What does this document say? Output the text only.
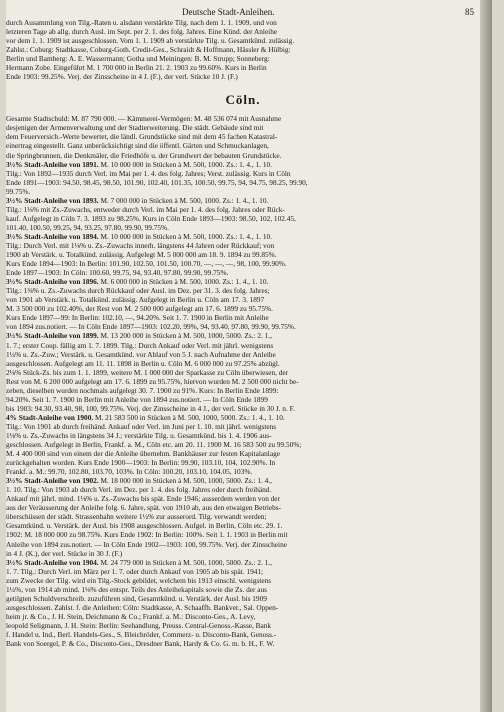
Deutsche Stadt-Anleihen.	85

durch Ausammlung von Tilg.-Raten u. alsdann verstärkte Tilg. nach dem 1. 1. 1909, und von
letzteren Tage ab allg. durch Ausl. im Sept. per 2. 1. des folg. Jahres. Eine Künd. der Anleihe
vor dem 1. 1. 1909 ist ausgeschlossen. Vom 1. 1. 1909 ab verstärkte Tilg. u. Gesamtkünd. zulässig.
Zahlst.: Coburg: Stadtkasse, Coburg-Goth. Credit-Ges., Schraidt & Hoffmann, Hässler & Hülbig:
Berlin und Bamberg: A. E. Wassermann; Gotha und Meiningen: B. M. Strupp; Sonneberg:
Hermann Zobe. Eingeführt M. 1 700 000 in Berlin 21. 2. 1903 zu 99.60%. Kurs in Berlin
Ende 1903: 99.25%. Verj. der Zinsscheine in 4 J. (F.), der verl. Stücke 10 J. (F.)

Cöln.

Gesamte Stadtschuld: M. 87 790 000. — Kämmerei-Vermögen: M. 48 536 074 mit Ausnahme
desjenigen der Armenverwaltung und der Stadterweiterung. Die städt. Gebäude sind mit
dem Feuerversich.-Werte bewertet, die ländl. Grundstücke sind mit dem 45 fachen Katastral-
einertrag eingestellt. Ganz unberücksichtigt sind die öffentl. Gärten und Schmuckanlagen,
die Springbrunnen, die Denkmäler, die Friedhöfe u. der Grundwert der bebauten Grundstücke.

3½% Stadt-Anleihe von 1891. M. 10 000 000 in Stücken à M. 500, 1000. Zs.: 1. 4., 1. 10.
Tilg.: Von 1892—1935 durch Verl. im Mai per 1. 4. des folg. Jahres; Verst. zulässig. Kurs in Cöln
Ende 1891—1903: 94.50, 98.45, 98.50, 101.90, 102.40, 101.35, 100.50, 99.75, 94, 94.75, 98.25, 99.90,
99.75%.

3½% Stadt-Anleihe von 1893. M. 7 000 000 in Stücken à M. 500, 1000. Zs.: 1. 4., 1. 10.
Tilg.: 1⅛% mit Zs.-Zuwachs, entweder durch Verl. im Mai per 1. 4. des folg. Jahres oder Rück-
kauf. Aufgelegt in Cöln 7. 3. 1893 zu 98.25%. Kurs in Cöln Ende 1893—1903: 98.50, 102, 102.45,
101.40, 100.50, 99.25, 94, 93.25, 97.80, 99.90, 99.75%.

3½% Stadt-Anleihe von 1894. M. 10 000 000 in Stücken à M. 500, 1000. Zs.: 1. 4., 1. 10.
Tilg.: Durch Verl. mit 1⅛% u. Zs.-Zuwachs innerh. längstens 44 Jahren oder Rückkauf; von
1900 ab Verstärk. u. Totalkünd. zulässig. Aufgelegt M. 5 000 000 am 18. 9. 1894 zu 99.85%.
Kurs Ende 1894—1903: In Berlin: 101.90, 102.50, 101.50, 100.70, —, —, —, 98, 100, 99.90%.
Ende 1897—1903: In Cöln: 100.60, 99.75, 94, 93.40, 97.80, 99.90, 99.75%.

3½% Stadt-Anleihe von 1896. M. 6 000 000 in Stücken à M. 500, 1000. Zs.: 1. 4., 1. 10.
Tilg.: 1⅜% u. Zs.-Zuwachs durch Rückkauf oder Ausl. im Dez. per 31. 3. des folg. Jahres;
von 1901 ab Verstärk. u. Totalkünd. zulässig. Aufgelegt in Berlin u. Cöln am 17. 3. 1897
M. 3 500 000 zu 102.40%, der Rest von M. 2 500 000 aufgelegt am 17. 6. 1899 zu 95.75%.
Kurs Ende 1897—99: In Berlin: 102.10, —, 94.20%. Seit 1. 7. 1900 in Berlin mit Anleihe
von 1894 zus.notiert. — In Cöln Ende 1897—1903: 102.20, 99%, 94, 93.40, 97.80, 99.90, 99.75%.

3½% Stadt-Anleihe von 1899. M. 13 200 000 in Stücken à M. 500, 1000, 5000. Zs.: 2. 1.,
1. 7.; erster Coup. fällig am 1. 7. 1899. Tilg.: Durch Ankauf oder Verl. mit jährl. wenigstens
1¼% u. Zs.-Zuw.; Verstärk. u. Gesamtkünd. vor Ablauf von 5 J. nach Aufnahme der Anleihe
ausgeschlossen. Aufgelegt am 11. 11. 1898 in Berlin u. Cöln M. 6 000 000 zu 97.25% abzügl.
2⅛% Stück-Zs. bis zum 1. 1. 1899, weitere M. 1 000 000 der Sparkasse zu Cöln überwiesen, der
Rest von M. 6 200 000 aufgelegt am 17. 6. 1899 zu 95.75%, hiervon wurden M. 2 500 000 nicht be-
zeben, dieselben wurden nochmals aufgelegt 30. 7. 1900 zu 91%. Kurs: In Berlin Ende 1899:
94.20%. Seit 1. 7. 1900 in Berlin mit Anleihe von 1894 zus.notiert. — In Cöln Ende 1899
bis 1903: 94.30, 93.40, 98, 100, 99.75%. Verj. der Zinsscheine in 4 J., der verl. Stücke in 30 J. n. F.

4% Stadt-Anleihe von 1900. M. 21 583 500 in Stücken à M. 500, 1000, 5000. Zs.: 1. 4., 1. 10.
Tilg.: Von 1901 ab durch freihänd. Ankauf oder Verl. im Juni per 1. 10. mit jährl. wenigstens
1⅛% u. Zs.-Zuwachs in längstens 34 J.; verstärkte Tilg. u. Gesamtkünd. bis 1. 4. 1906 aus-
geschlossen. Aufgelegt in Berlin, Frankf. a. M., Cöln etc. am 20. 11. 1900 M. 16 583 500 zu 99.50%;
M. 4 400 000 sind von einem der die Anleihe übernehm. Bankhäuser zur festen Kapitalanlage
zurückgehalten worden. Kurs Ende 1900—1903: In Berlin: 99.90, 103.10, 104, 102.90%. In
Frankf. a. M.: 99.70, 102.80, 103.70, 103%. In Cöln: 100.20, 103.10, 104.05, 103%.

3½% Stadt-Anleihe von 1902. M. 18 000 000 in Stücken à M. 500, 1000, 5000. Zs.: 1. 4.,
1. 10. Tilg.: Von 1903 ab durch Verl. im Dez. per 1. 4. des folg. Jahres oder durch freihänd.
Ankauf mit jährl. mind. 1⅛% u. Zs.-Zuwachs bis spät. Ende 1946; ausserdem werden von der
aus der Veräusserung der Anleihe folg. 6. Jahre, spät. von 1910 ab, aus den etwaigen Betriebs-
überschüssen der städt. Strassenbahn weitere 1½% zur ausserord. Tilg. verwandt werden;
Gesamtkünd. u. Verstärk. der Ausl. bis 1908 ausgeschlossen. Aufgel. in Berlin, Cöln etc. 29. 1.
1902: M. 18 000 000 zu 98.75%. Kurs Ende 1902: In Berlin: 100%. Seit 1. 1. 1903 in Berlin mit
Anleihe von 1894 zus.notiert. — In Cöln Ende 1902—1903: 100, 99.75%. Verj. der Zinsscheine
in 4 J. (K.), der verl. Stücke in 30 J. (F.)

3½% Stadt-Anleihe von 1904. M. 24 779 000 in Stücken à M. 500, 1000, 5000. Zs.: 2. 1.,
1. 7. Tilg.: Durch Verl. im März per 1. 7. oder durch Ankauf von 1905 ab bis spät. 1941;
zum Zwecke der Tilg. wird ein Tilg.-Stock gebildet, welchem bis 1913 einschl. wenigstens
1¼%, von 1914 ab mind. 1⅛% des entspr. Teils des Anleihekapitals sowie die Zs. der aus
getilgten Schuldverschreib. zuzuführen sind, Gesamtkünd. u. Verstärk. der Ausl. bis 1909
ausgeschlossen. Zahlst. f. die Anleihen: Cöln: Stadtkasse, A. Schaaffh. Bankver., Sal. Oppen-
heim jr. & Co., J. H. Stein, Deichmann & Co.; Frankf. a. M.: Disconto-Ges., A. Levy,
leopold Seligmann, J. H. Stein: Berlin: Seehandlung, Preuss. Central-Genoss.-Kasse, Bank
f. Handel u. Ind., Berl. Handels-Ges., S. Bleichröder, Commerz- u. Disconto-Bank, Genoss.-
Bank von Soergel, P. & Co., Disconto-Ges., Dresdner Bank, Hardy & Co. G. m. b. H., F. W.
